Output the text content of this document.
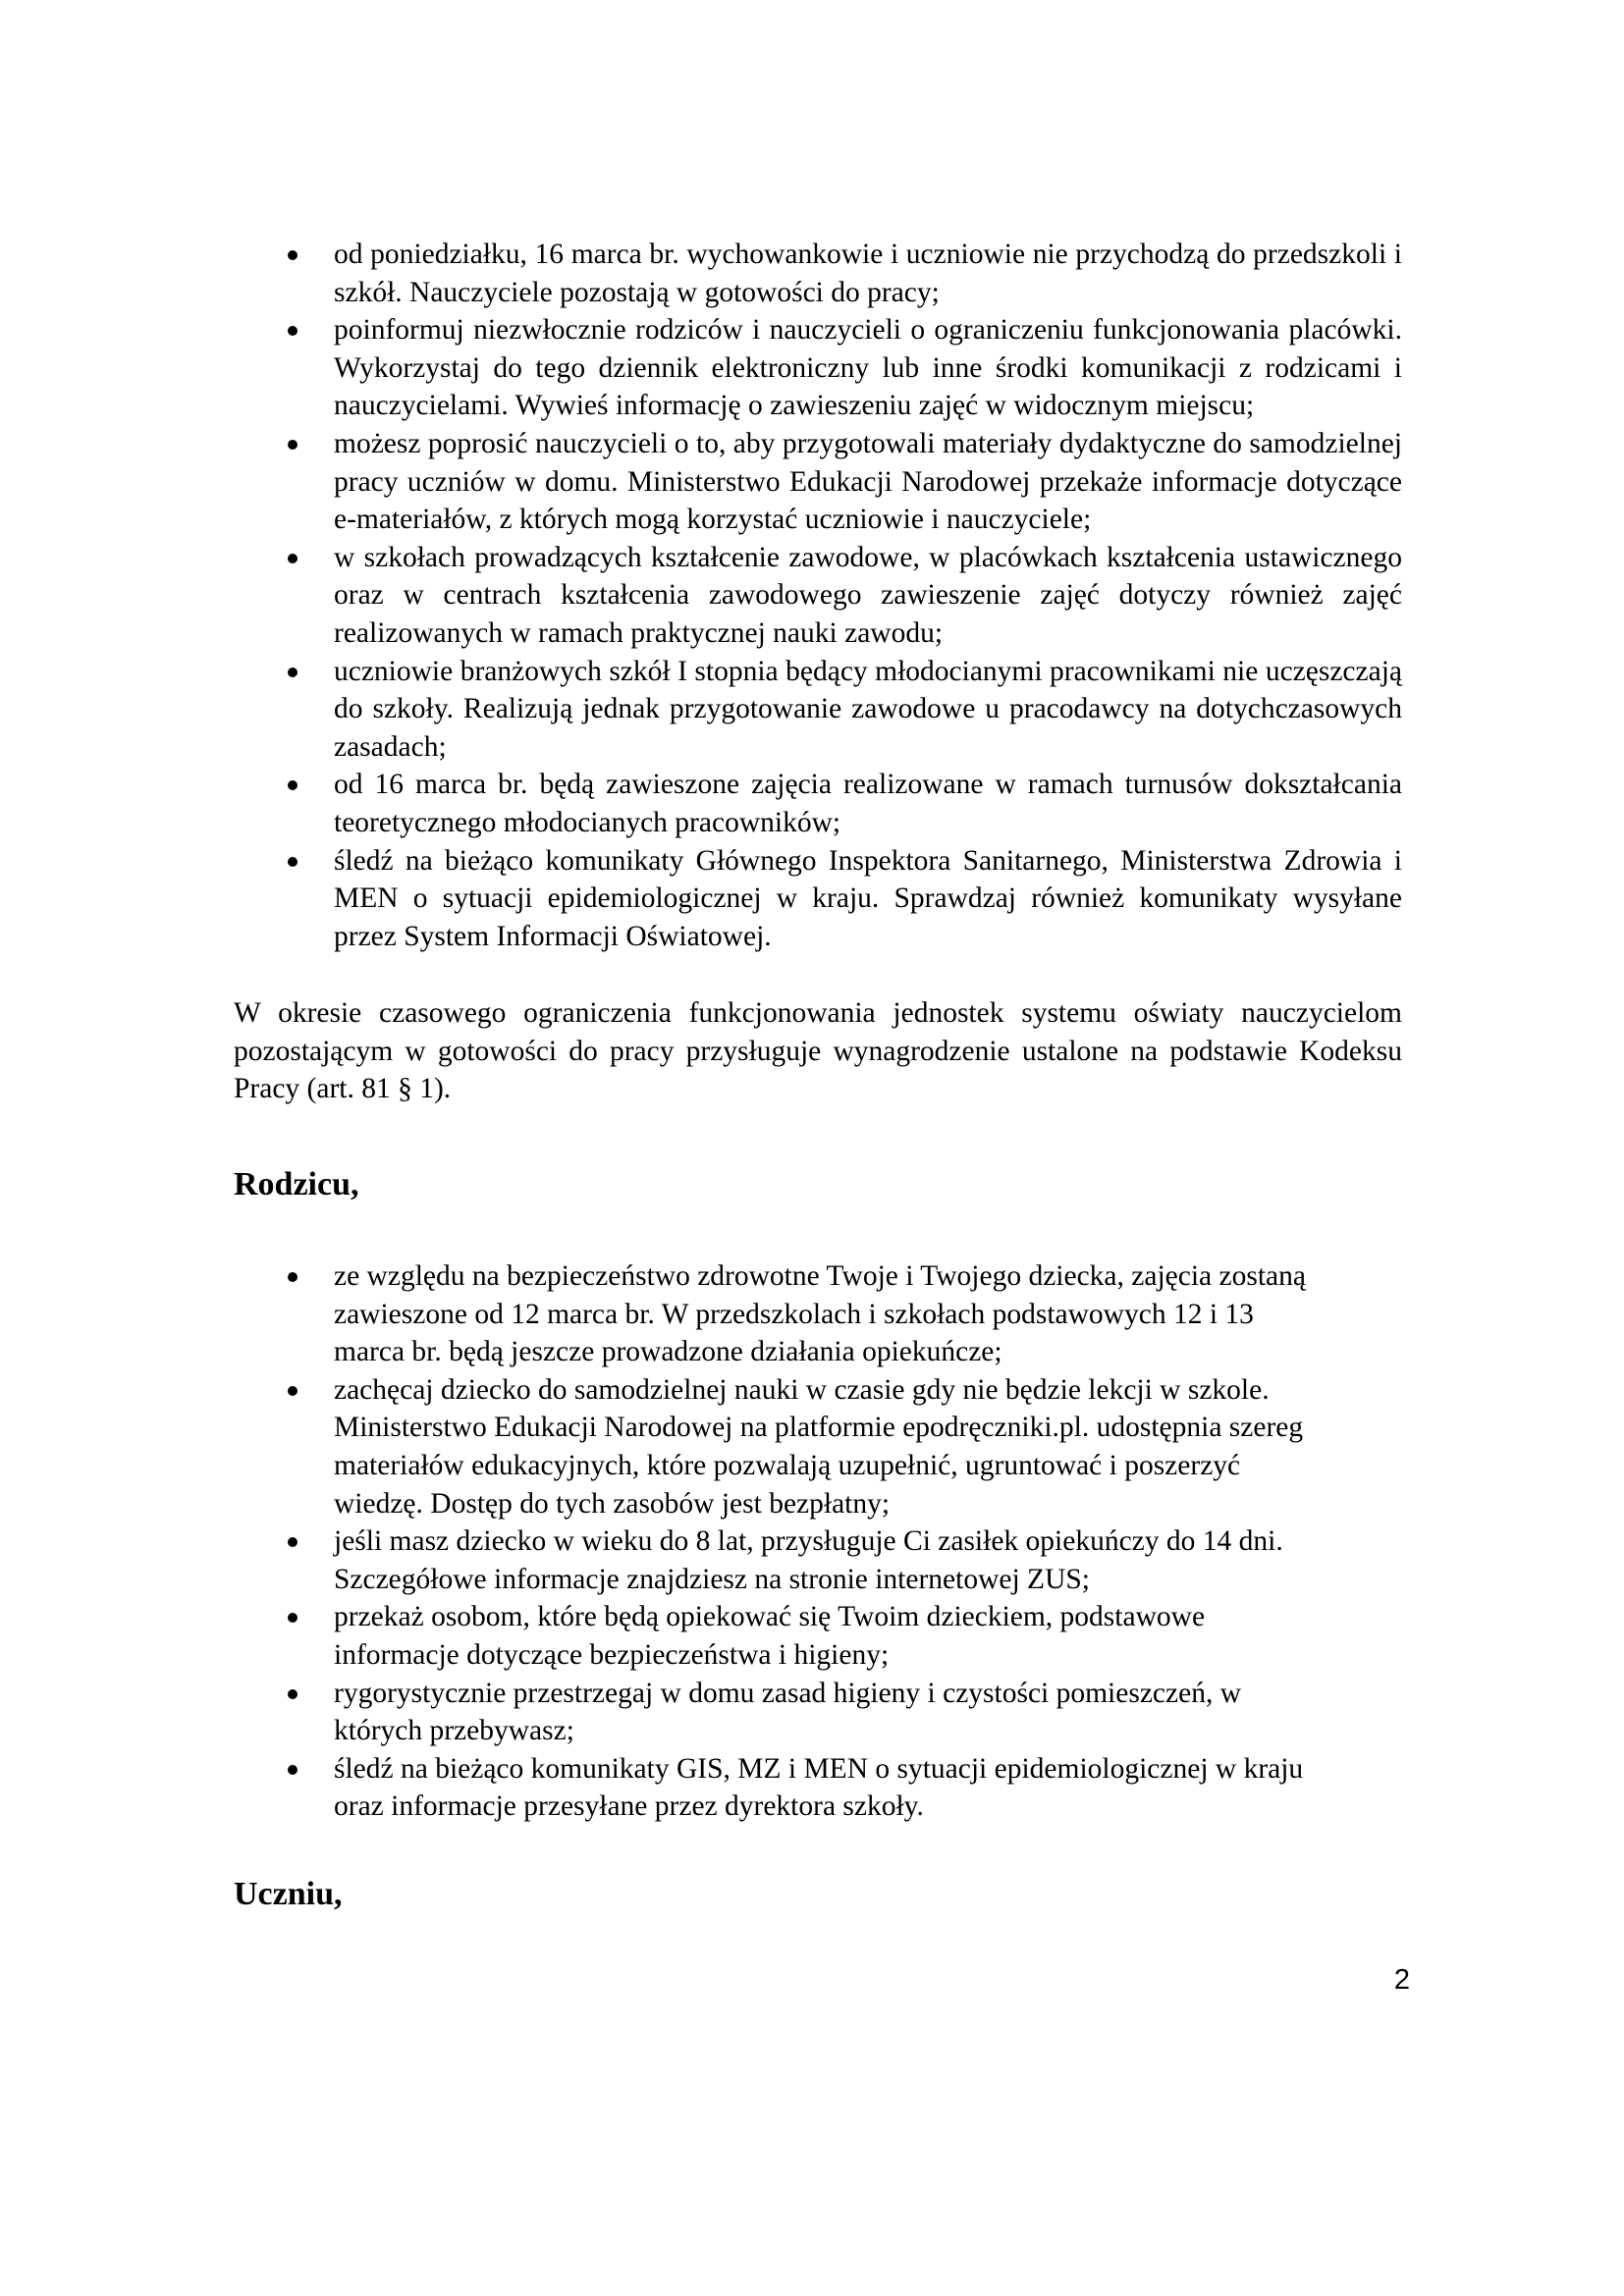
od poniedziałku, 16 marca br. wychowankowie i uczniowie nie przychodzą do przedszkoli i szkół. Nauczyciele pozostają w gotowości do pracy;
poinformuj niezwłocznie rodziców i nauczycieli o ograniczeniu funkcjonowania placówki. Wykorzystaj do tego dziennik elektroniczny lub inne środki komunikacji z rodzicami i nauczycielami. Wywieś informację o zawieszeniu zajęć w widocznym miejscu;
możesz poprosić nauczycieli o to, aby przygotowali materiały dydaktyczne do samodzielnej pracy uczniów w domu. Ministerstwo Edukacji Narodowej przekaże informacje dotyczące e-materiałów, z których mogą korzystać uczniowie i nauczyciele;
w szkołach prowadzących kształcenie zawodowe, w placówkach kształcenia ustawicznego oraz w centrach kształcenia zawodowego zawieszenie zajęć dotyczy również zajęć realizowanych w ramach praktycznej nauki zawodu;
uczniowie branżowych szkół I stopnia będący młodocianymi pracownikami nie uczęszczają do szkoły. Realizują jednak przygotowanie zawodowe u pracodawcy na dotychczasowych zasadach;
od 16 marca br. będą zawieszone zajęcia realizowane w ramach turnusów dokształcania teoretycznego młodocianych pracowników;
śledź na bieżąco komunikaty Głównego Inspektora Sanitarnego, Ministerstwa Zdrowia i MEN o sytuacji epidemiologicznej w kraju. Sprawdzaj również komunikaty wysyłane przez System Informacji Oświatowej.

W okresie czasowego ograniczenia funkcjonowania jednostek systemu oświaty nauczycielom pozostającym w gotowości do pracy przysługuje wynagrodzenie ustalone na podstawie Kodeksu Pracy (art. 81 § 1).

Rodzicu,
ze względu na bezpieczeństwo zdrowotne Twoje i Twojego dziecka, zajęcia zostaną
zawieszone od 12 marca br. W przedszkolach i szkołach podstawowych 12 i 13
marca br. będą jeszcze prowadzone działania opiekuńcze;
zachęcaj dziecko do samodzielnej nauki w czasie gdy nie będzie lekcji w szkole.
Ministerstwo Edukacji Narodowej na platformie epodręczniki.pl. udostępnia szereg
materiałów edukacyjnych, które pozwalają uzupełnić, ugruntować i poszerzyć
wiedzę. Dostęp do tych zasobów jest bezpłatny;
jeśli masz dziecko w wieku do 8 lat, przysługuje Ci zasiłek opiekuńczy do 14 dni.
Szczegółowe informacje znajdziesz na stronie internetowej ZUS;
przekaż osobom, które będą opiekować się Twoim dzieckiem, podstawowe
informacje dotyczące bezpieczeństwa i higieny;
rygorystycznie przestrzegaj w domu zasad higieny i czystości pomieszczeń, w
których przebywasz;
śledź na bieżąco komunikaty GIS, MZ i MEN o sytuacji epidemiologicznej w kraju
oraz informacje przesyłane przez dyrektora szkoły.
Uczniu,
2
